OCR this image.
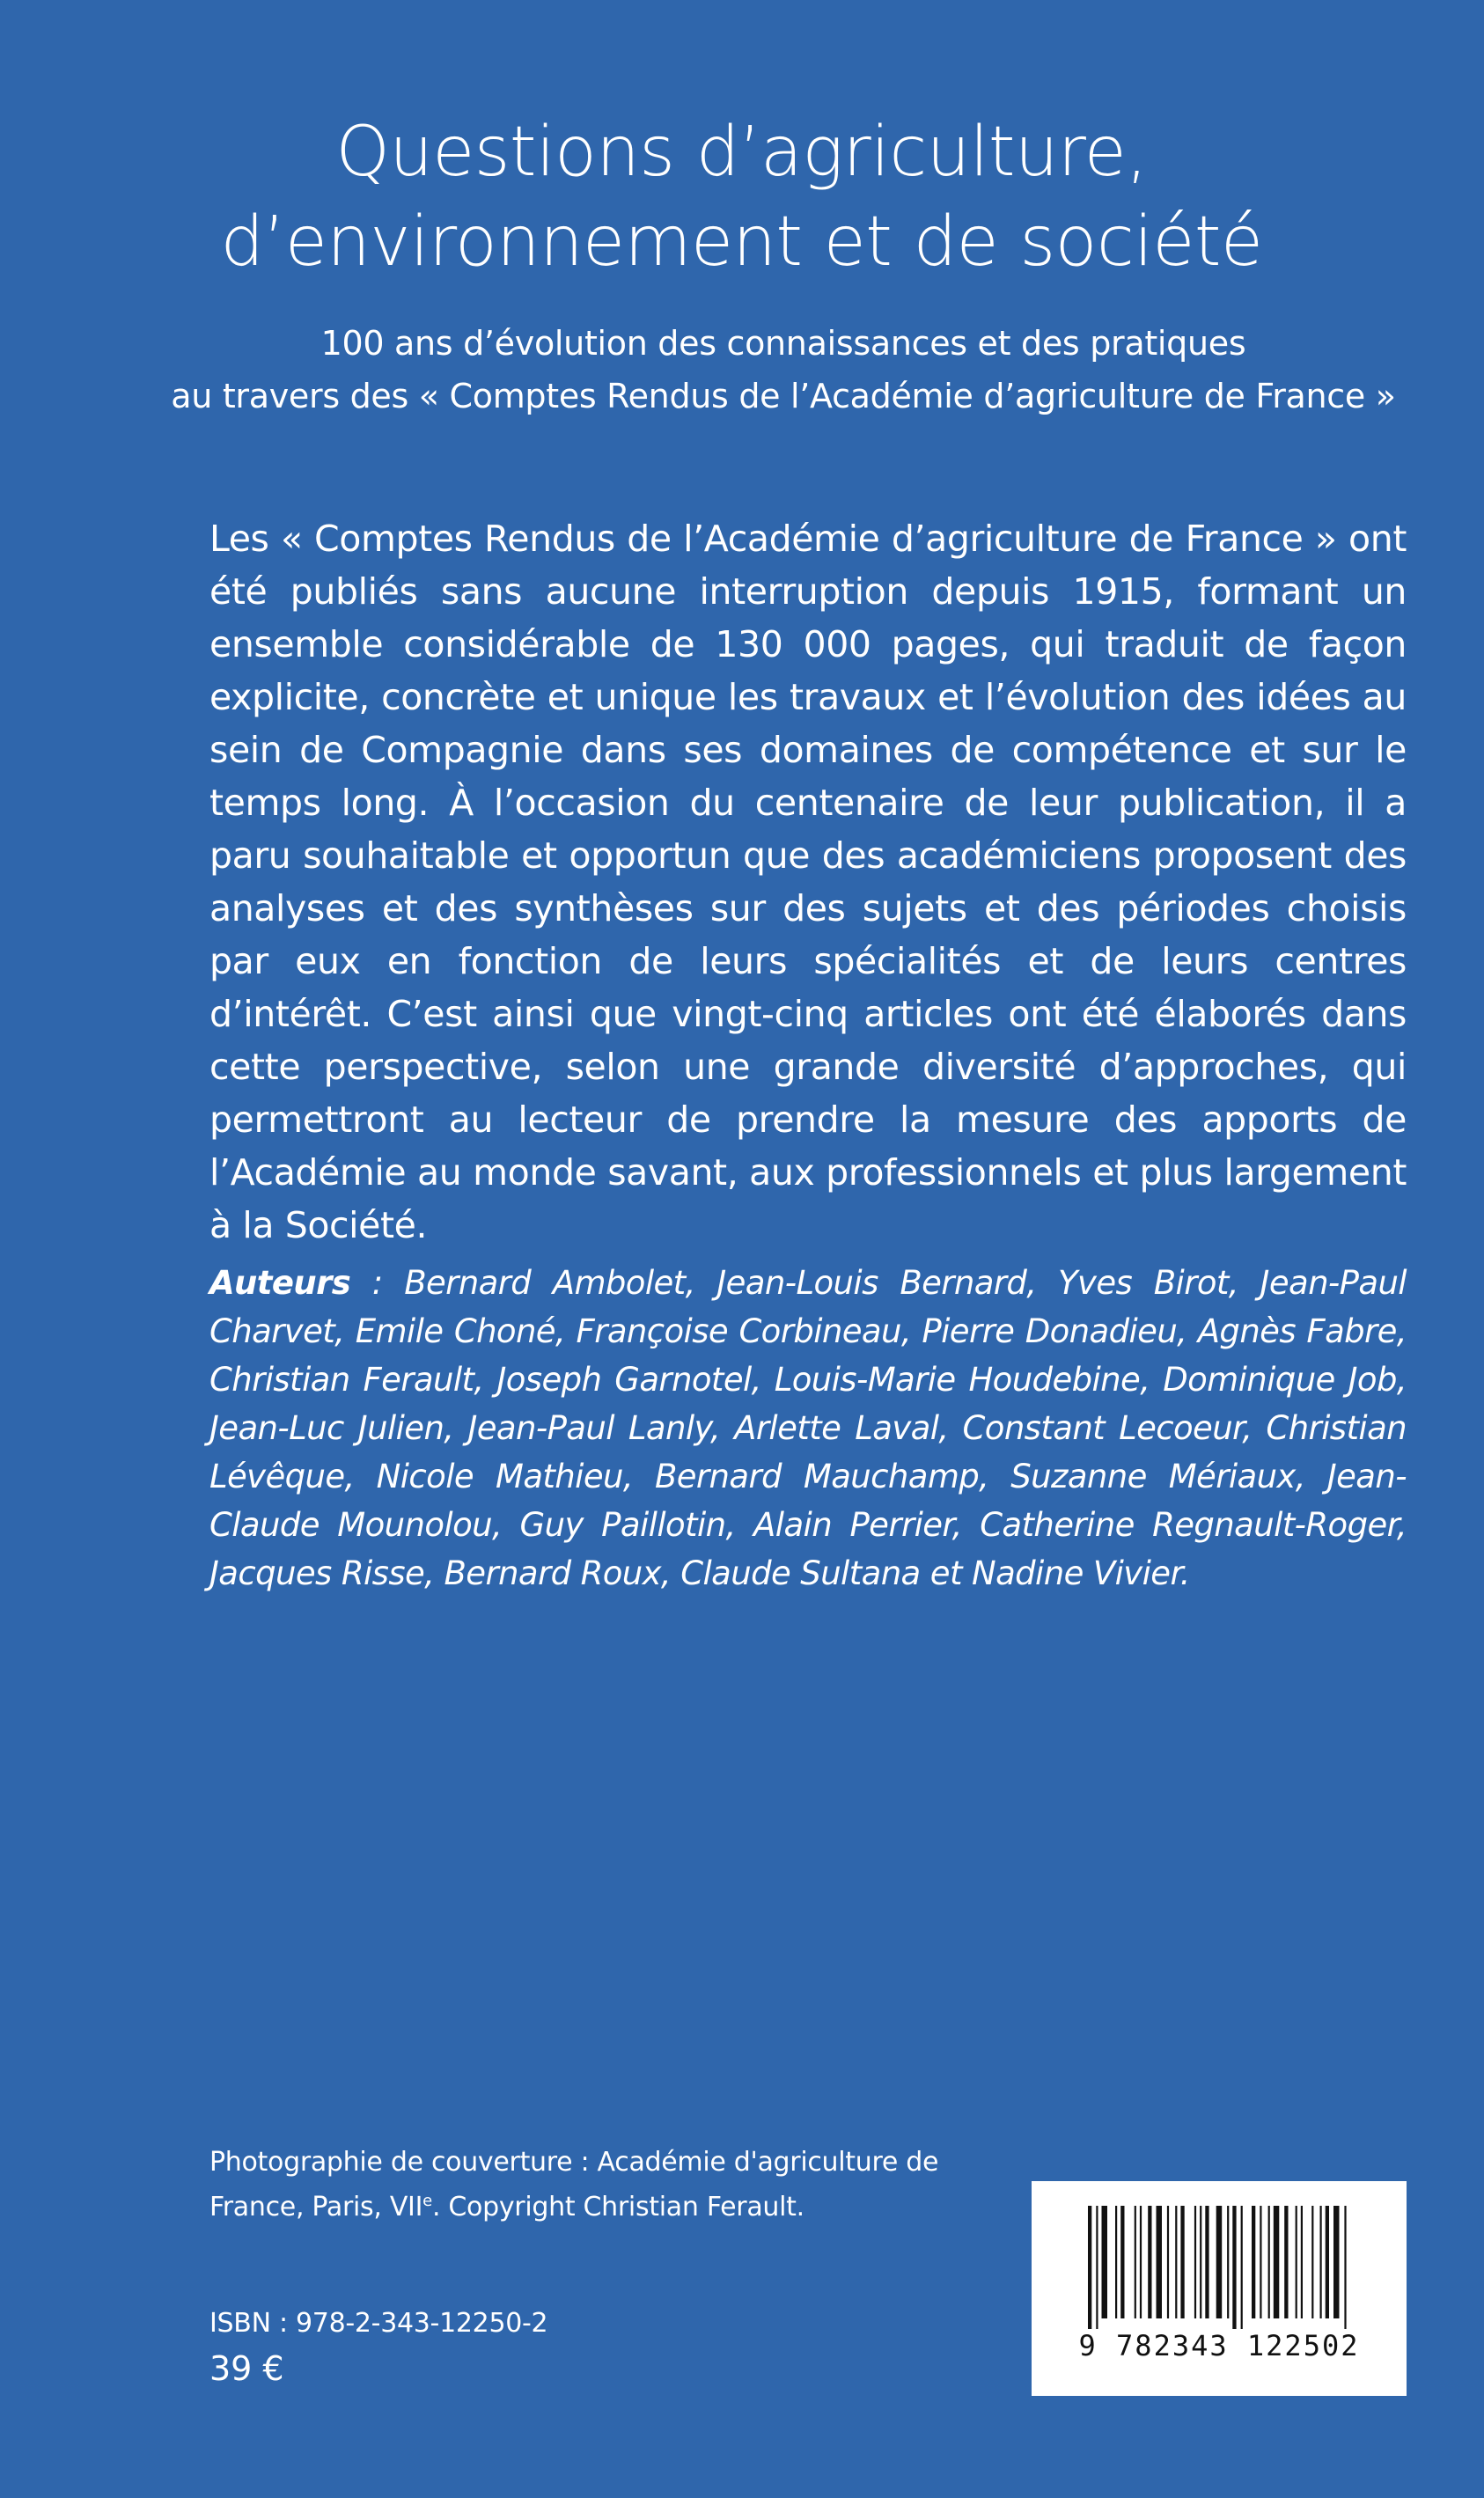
Questions d’agriculture,
d’environnement et de société
100 ans d’évolution des connaissances et des pratiques
au travers des « Comptes Rendus de l’Académie d’agriculture de France »

Les « Comptes Rendus de l’Académie d’agriculture de France » ont été publiés sans aucune interruption depuis 1915, formant un ensemble considérable de 130 000 pages, qui traduit de façon explicite, concrète et unique les travaux et l’évolution des idées au sein de Compagnie dans ses domaines de compétence et sur le temps long. À l’occasion du centenaire de leur publication, il a paru souhaitable et opportun que des académiciens proposent des analyses et des synthèses sur des sujets et des périodes choisis par eux en fonction de leurs spécialités et de leurs centres d’intérêt. C’est ainsi que vingt-cinq articles ont été élaborés dans cette perspective, selon une grande diversité d’approches, qui permettront au lecteur de prendre la mesure des apports de l’Académie au monde savant, aux professionnels et plus largement à la Société.

Auteurs : Bernard Ambolet, Jean-Louis Bernard, Yves Birot, Jean-Paul Charvet, Emile Choné, Françoise Corbineau, Pierre Donadieu, Agnès Fabre, Christian Ferault, Joseph Garnotel, Louis-Marie Houdebine, Dominique Job, Jean-Luc Julien, Jean-Paul Lanly, Arlette Laval, Constant Lecoeur, Christian Lévêque, Nicole Mathieu, Bernard Mauchamp, Suzanne Mériaux, Jean-Claude Mounolou, Guy Paillotin, Alain Perrier, Catherine Regnault-Roger, Jacques Risse, Bernard Roux, Claude Sultana et Nadine Vivier.

Photographie de couverture : Académie d'agriculture de
France, Paris, VIIe. Copyright Christian Ferault.

ISBN : 978-2-343-12250-2
39 €
9 782343 122502
